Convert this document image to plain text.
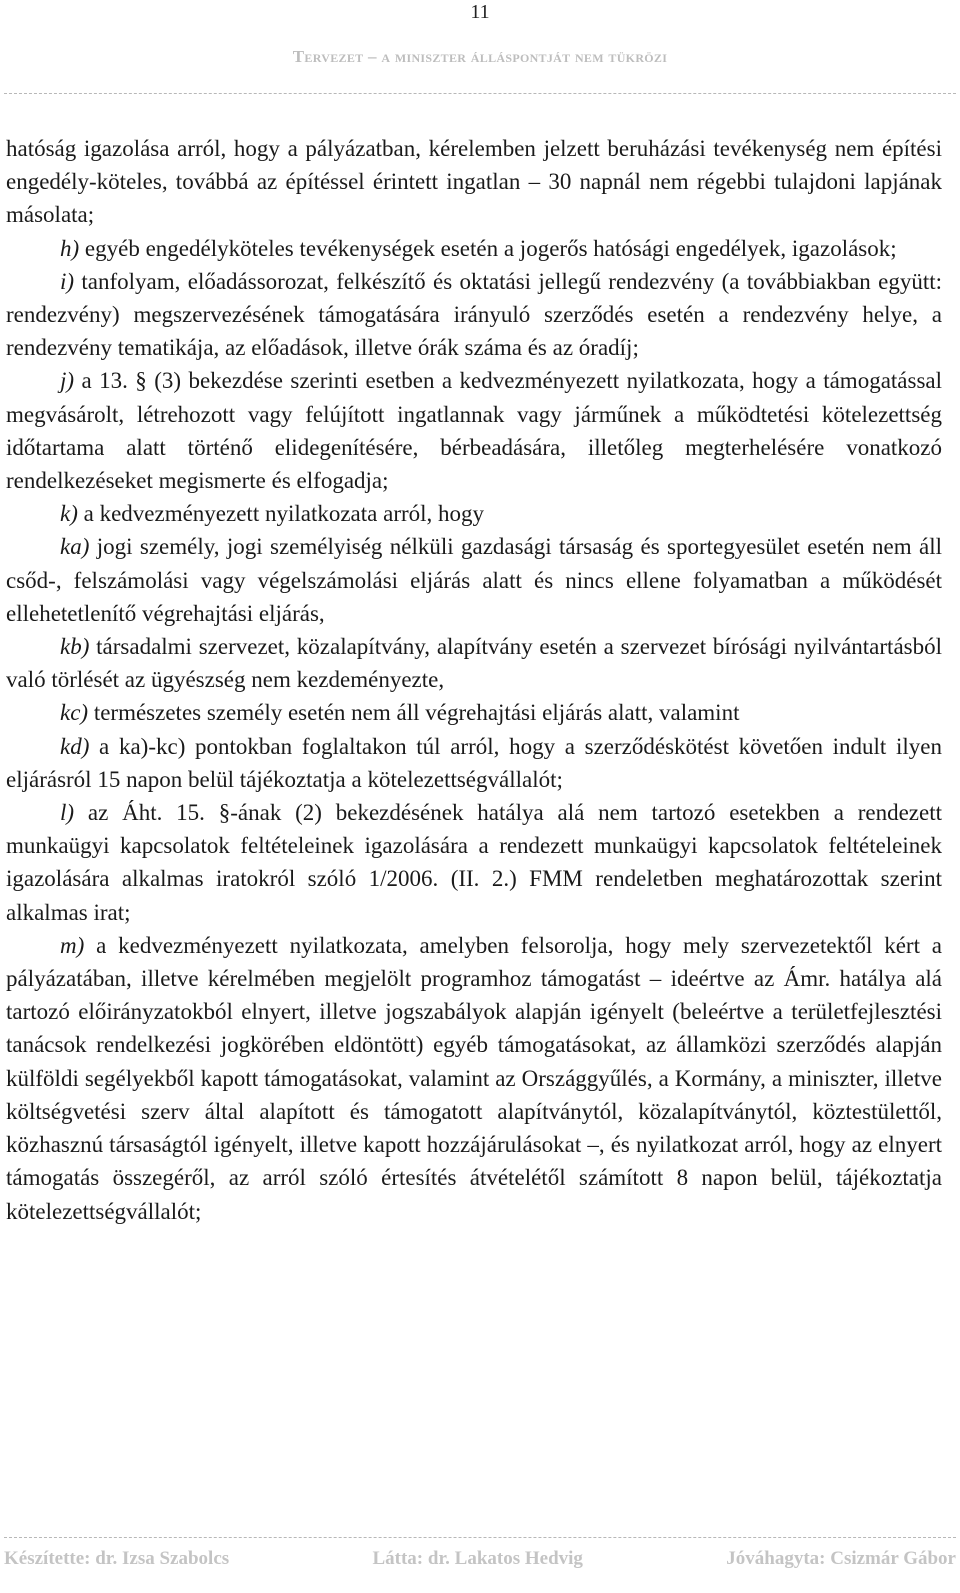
11
Tervezet – a miniszter álláspontját nem tükrözi

hatóság igazolása arról, hogy a pályázatban, kérelemben jelzett beruházási tevékenység nem építési engedély-köteles, továbbá az építéssel érintett ingatlan – 30 napnál nem régebbi tulajdoni lapjának másolata;

h) egyéb engedélyköteles tevékenységek esetén a jogerős hatósági engedélyek, igazolások;

i) tanfolyam, előadássorozat, felkészítő és oktatási jellegű rendezvény (a továbbiakban együtt: rendezvény) megszervezésének támogatására irányuló szerződés esetén a rendezvény helye, a rendezvény tematikája, az előadások, illetve órák száma és az óradíj;

j) a 13. § (3) bekezdése szerinti esetben a kedvezményezett nyilatkozata, hogy a támogatással megvásárolt, létrehozott vagy felújított ingatlannak vagy járműnek a működtetési kötelezettség időtartama alatt történő elidegenítésére, bérbeadására, illetőleg megterhelésére vonatkozó rendelkezéseket megismerte és elfogadja;

k) a kedvezményezett nyilatkozata arról, hogy

ka) jogi személy, jogi személyiség nélküli gazdasági társaság és sportegyesület esetén nem áll csőd-, felszámolási vagy végelszámolási eljárás alatt és nincs ellene folyamatban a működését ellehetetlenítő végrehajtási eljárás,

kb) társadalmi szervezet, közalapítvány, alapítvány esetén a szervezet bírósági nyilvántartásból való törlését az ügyészség nem kezdeményezte,

kc) természetes személy esetén nem áll végrehajtási eljárás alatt, valamint

kd) a ka)-kc) pontokban foglaltakon túl arról, hogy a szerződéskötést követően indult ilyen eljárásról 15 napon belül tájékoztatja a kötelezettségvállalót;

l) az Áht. 15. §-ának (2) bekezdésének hatálya alá nem tartozó esetekben a rendezett munkaügyi kapcsolatok feltételeinek igazolására a rendezett munkaügyi kapcsolatok feltételeinek igazolására alkalmas iratokról szóló 1/2006. (II. 2.) FMM rendeletben meghatározottak szerint alkalmas irat;

m) a kedvezményezett nyilatkozata, amelyben felsorolja, hogy mely szervezetektől kért a pályázatában, illetve kérelmében megjelölt programhoz támogatást – ideértve az Ámr. hatálya alá tartozó előirányzatokból elnyert, illetve jogszabályok alapján igényelt (beleértve a területfejlesztési tanácsok rendelkezési jogkörében eldöntött) egyéb támogatásokat, az államközi szerződés alapján külföldi segélyekből kapott támogatásokat, valamint az Országgyűlés, a Kormány, a miniszter, illetve költségvetési szerv által alapított és támogatott alapítványtól, közalapítványtól, köztestülettől, közhasznú társaságtól igényelt, illetve kapott hozzájárulásokat –, és nyilatkozat arról, hogy az elnyert támogatás összegéről, az arról szóló értesítés átvételétől számított 8 napon belül, tájékoztatja kötelezettségvállalót;

Készítette: dr. Izsa Szabolcs	Látta: dr. Lakatos Hedvig	Jóváhagyta: Csizmár Gábor
